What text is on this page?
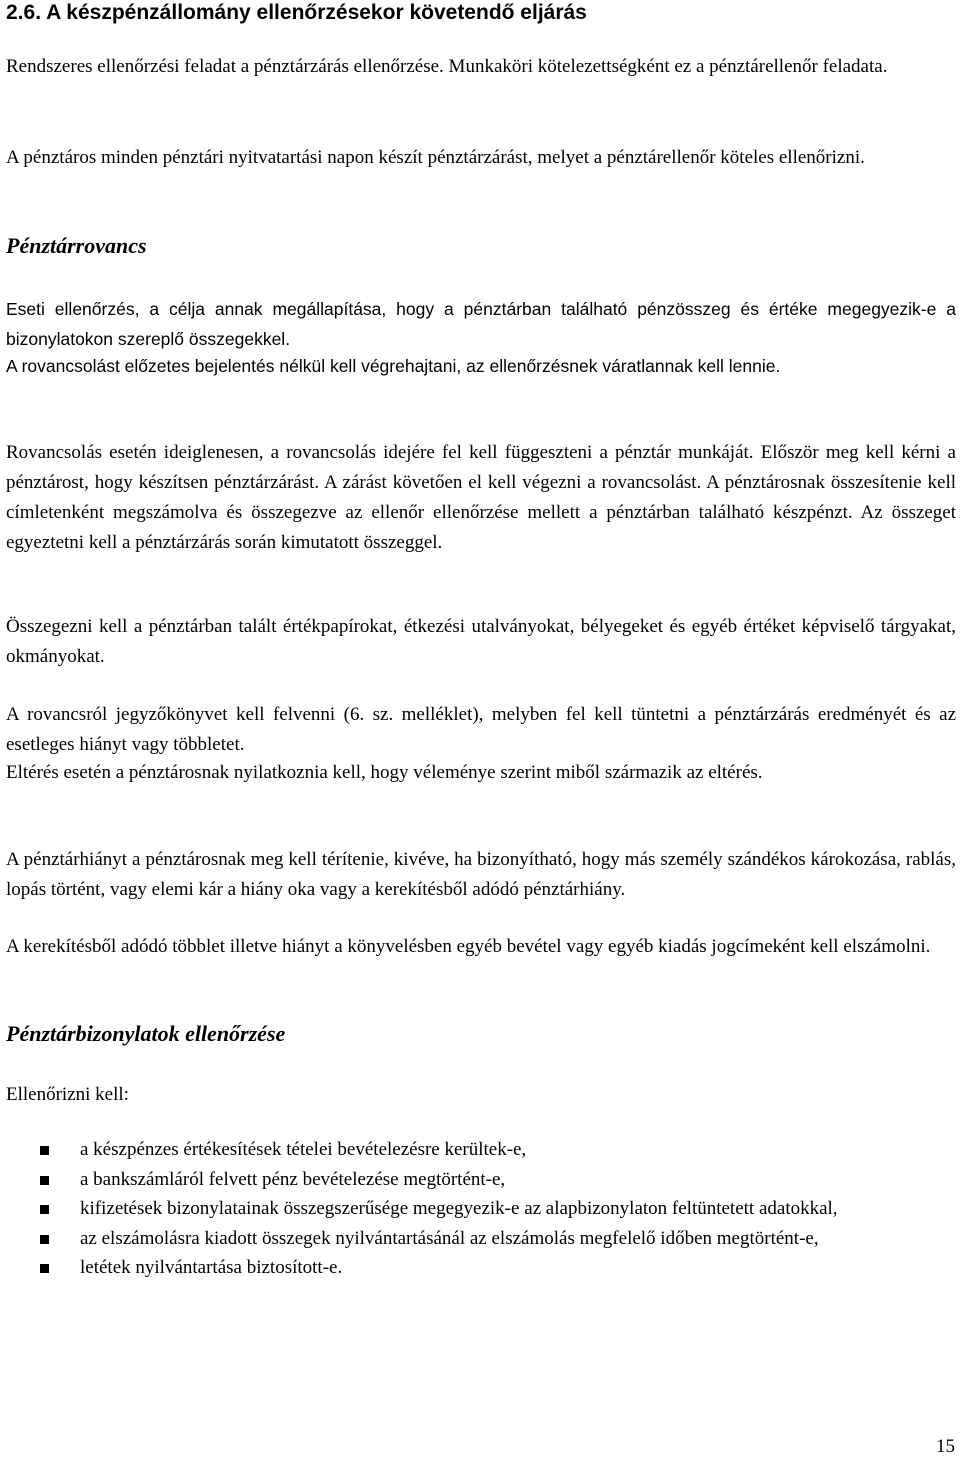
2.6. A készpénzállomány ellenőrzésekor követendő eljárás

Rendszeres ellenőrzési feladat a pénztárzárás ellenőrzése. Munkaköri kötelezettségként ez a pénztárellenőr feladata.

A pénztáros minden pénztári nyitvatartási napon készít pénztárzárást, melyet a pénztárellenőr köteles ellenőrizni.

Pénztárrovancs

Eseti ellenőrzés, a célja annak megállapítása, hogy a pénztárban található pénzösszeg és értéke megegyezik-e a bizonylatokon szereplő összegekkel.

A rovancsolást előzetes bejelentés nélkül kell végrehajtani, az ellenőrzésnek váratlannak kell lennie.

Rovancsolás esetén ideiglenesen, a rovancsolás idejére fel kell függeszteni a pénztár munkáját. Először meg kell kérni a pénztárost, hogy készítsen pénztárzárást. A zárást követően el kell végezni a rovancsolást. A pénztárosnak összesítenie kell címletenként megszámolva és összegezve az ellenőr ellenőrzése mellett a pénztárban található készpénzt. Az összeget egyeztetni kell a pénztárzárás során kimutatott összeggel.

Összegezni kell a pénztárban talált értékpapírokat, étkezési utalványokat, bélyegeket és egyéb értéket képviselő tárgyakat, okmányokat.

A rovancsról jegyzőkönyvet kell felvenni (6. sz. melléklet), melyben fel kell tüntetni a pénztárzárás eredményét és az esetleges hiányt vagy többletet.

Eltérés esetén a pénztárosnak nyilatkoznia kell, hogy véleménye szerint miből származik az eltérés.

A pénztárhiányt a pénztárosnak meg kell térítenie, kivéve, ha bizonyítható, hogy más személy szándékos károkozása, rablás, lopás történt, vagy elemi kár a hiány oka vagy a kerekítésből adódó pénztárhiány.

A kerekítésből adódó többlet illetve hiányt a könyvelésben egyéb bevétel vagy egyéb kiadás jogcímeként kell elszámolni.

Pénztárbizonylatok ellenőrzése

Ellenőrizni kell:

a készpénzes értékesítések tételei bevételezésre kerültek-e,
a bankszámláról felvett pénz bevételezése megtörtént-e,
kifizetések bizonylatainak összegszerűsége megegyezik-e az alapbizonylaton feltüntetett adatokkal,
az elszámolásra kiadott összegek nyilvántartásánál az elszámolás megfelelő időben megtörtént-e,
letétek nyilvántartása biztosított-e.
15
